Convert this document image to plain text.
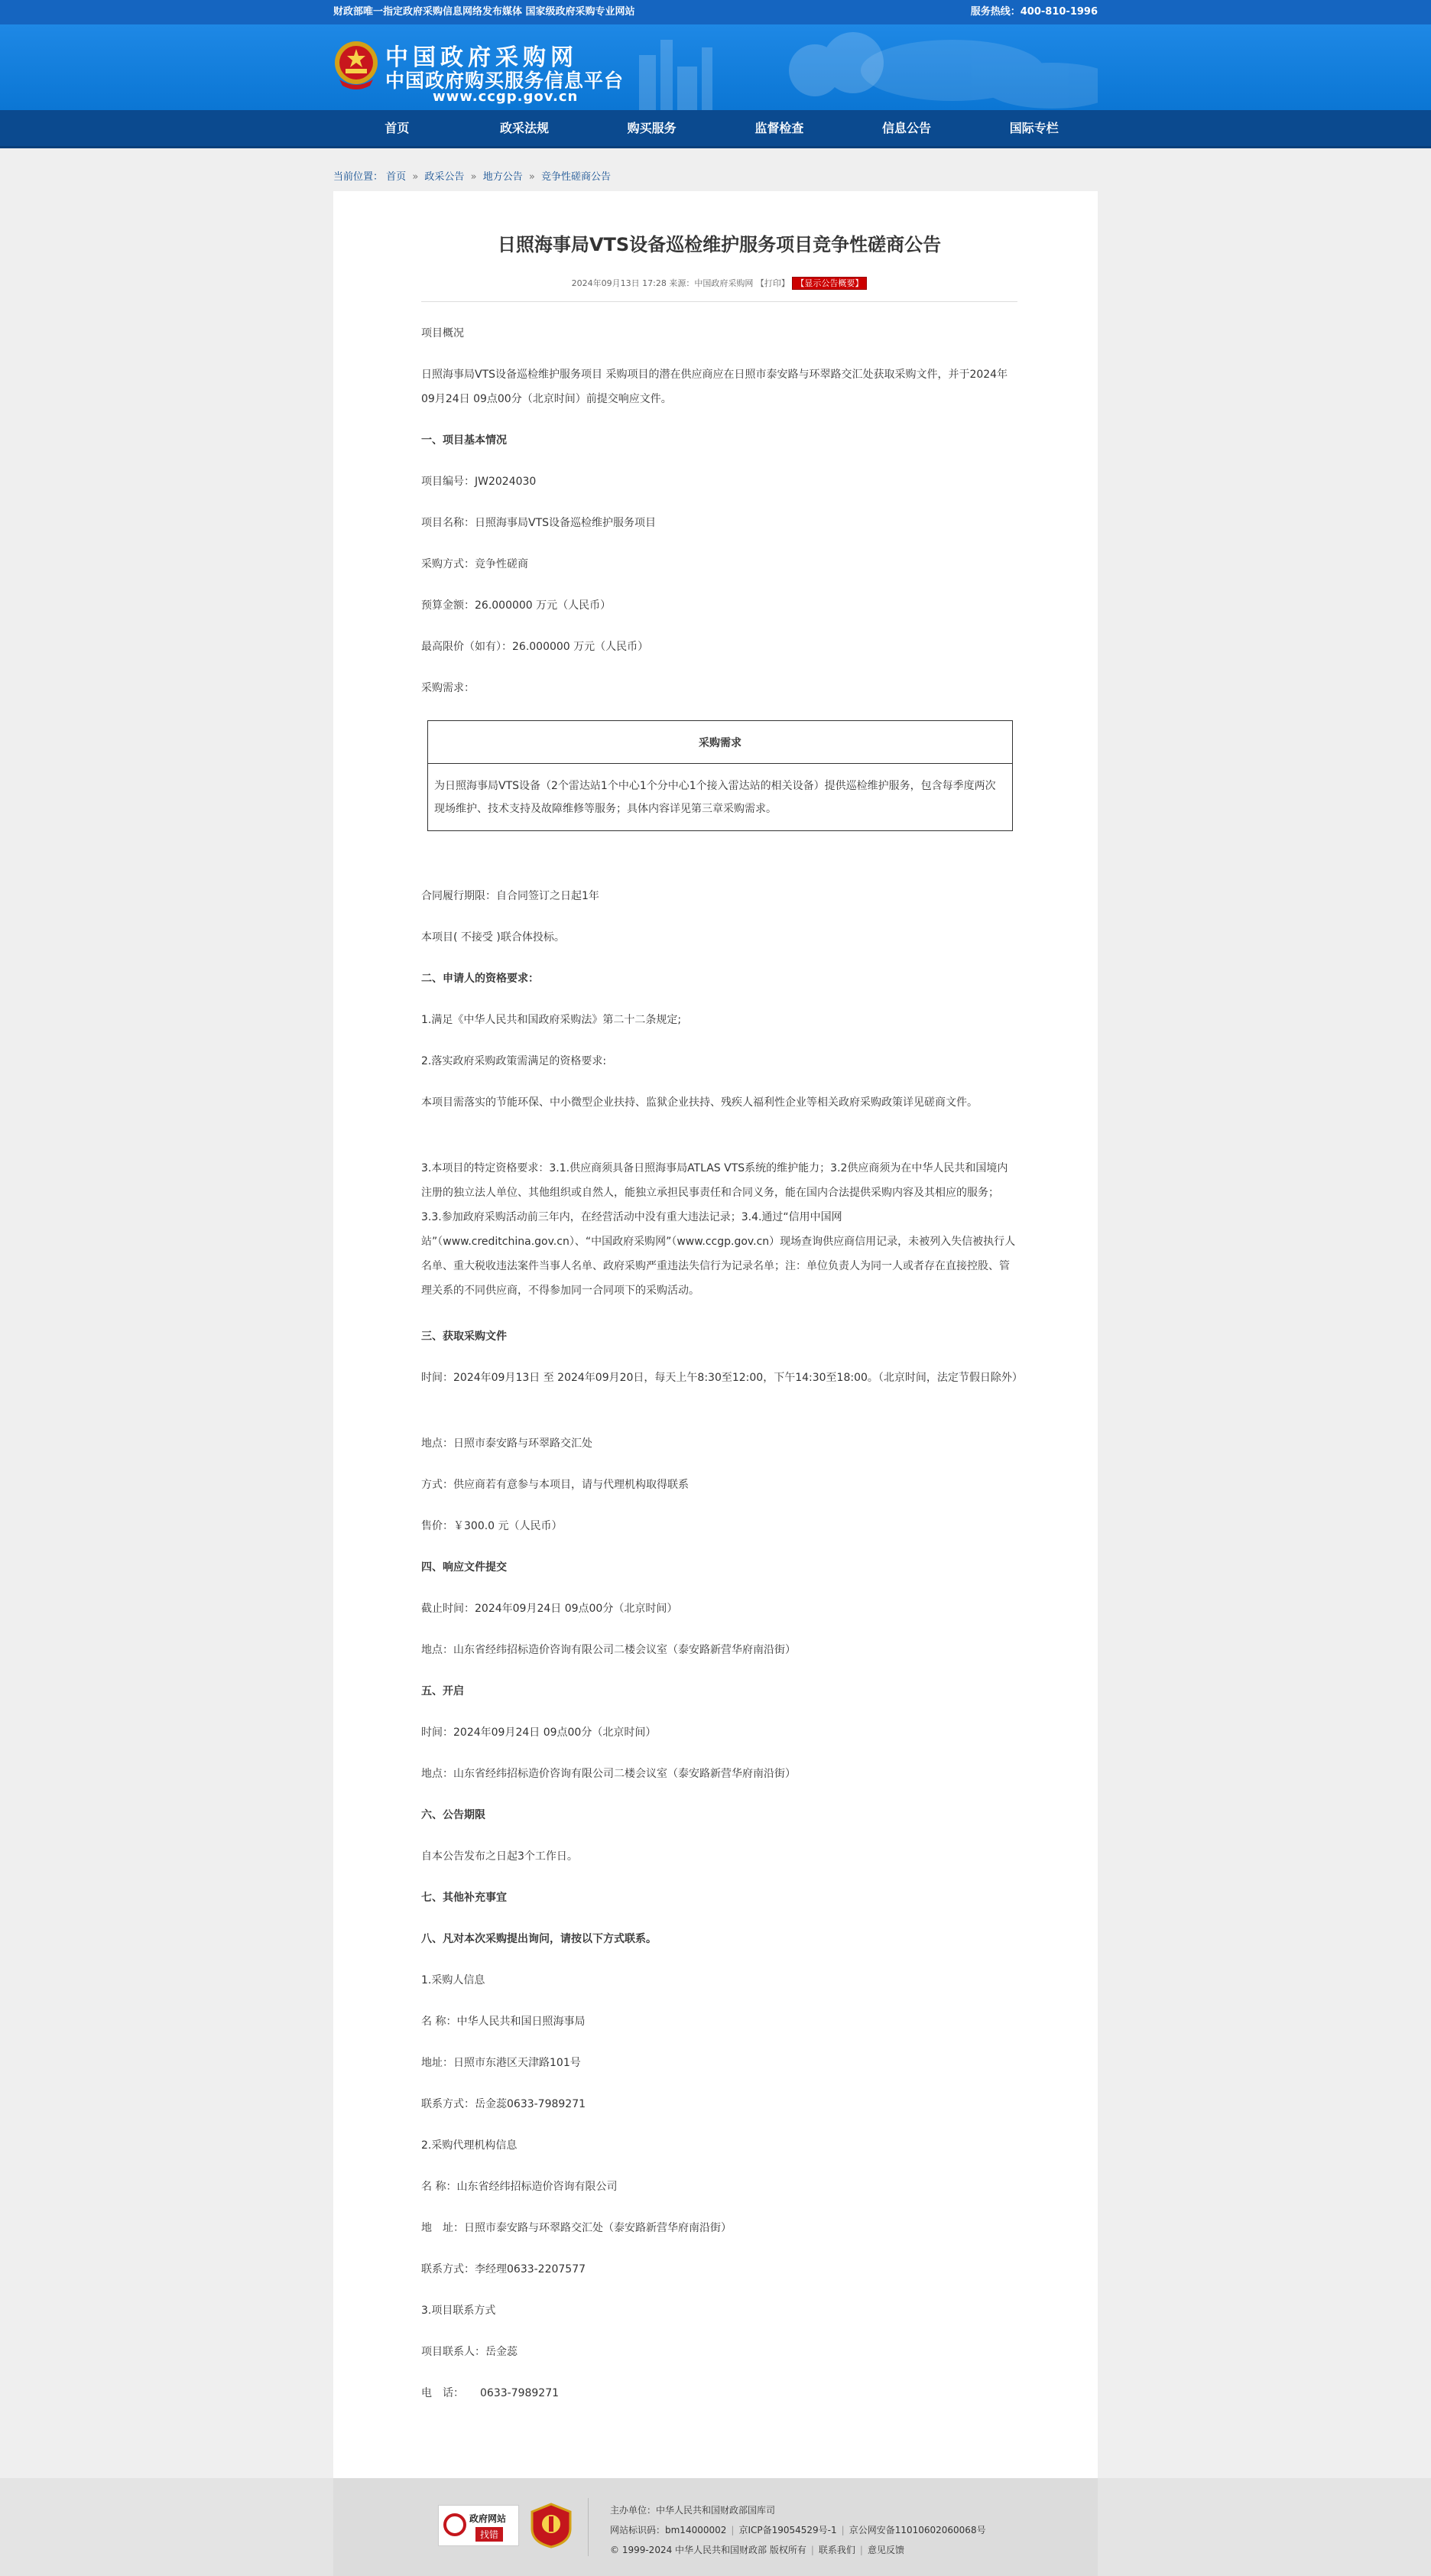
财政部唯一指定政府采购信息网络发布媒体 国家级政府采购专业网站	服务热线：400-810-1996
中国政府采购网
中国政府购买服务信息平台
www.ccgp.gov.cn
首页	政采法规	购买服务	监督检查	信息公告	国际专栏
当前位置： 首页 » 政采公告 » 地方公告 » 竞争性磋商公告
日照海事局VTS设备巡检维护服务项目竞争性磋商公告
2024年09月13日 17:28 来源：中国政府采购网 【打印】 【显示公告概要】
项目概况
日照海事局VTS设备巡检维护服务项目 采购项目的潜在供应商应在日照市泰安路与环翠路交汇处获取采购文件，并于2024年09月24日 09点00分（北京时间）前提交响应文件。
一、项目基本情况
项目编号：JW2024030
项目名称：日照海事局VTS设备巡检维护服务项目
采购方式：竞争性磋商
预算金额：26.000000 万元（人民币）
最高限价（如有）：26.000000 万元（人民币）
采购需求：
采购需求
为日照海事局VTS设备（2个雷达站1个中心1个分中心1个接入雷达站的相关设备）提供巡检维护服务，包含每季度两次现场维护、技术支持及故障维修等服务；具体内容详见第三章采购需求。
合同履行期限：自合同签订之日起1年
本项目( 不接受 )联合体投标。
二、申请人的资格要求：
1.满足《中华人民共和国政府采购法》第二十二条规定;
2.落实政府采购政策需满足的资格要求:
本项目需落实的节能环保、中小微型企业扶持、监狱企业扶持、残疾人福利性企业等相关政府采购政策详见磋商文件。
3.本项目的特定资格要求：3.1.供应商须具备日照海事局ATLAS VTS系统的维护能力；3.2供应商须为在中华人民共和国境内注册的独立法人单位、其他组织或自然人，能独立承担民事责任和合同义务，能在国内合法提供采购内容及其相应的服务；3.3.参加政府采购活动前三年内，在经营活动中没有重大违法记录；3.4.通过“信用中国网站”（www.creditchina.gov.cn）、“中国政府采购网”（www.ccgp.gov.cn）现场查询供应商信用记录，未被列入失信被执行人名单、重大税收违法案件当事人名单、政府采购严重违法失信行为记录名单；注：单位负责人为同一人或者存在直接控股、管理关系的不同供应商，不得参加同一合同项下的采购活动。
三、获取采购文件
时间：2024年09月13日 至 2024年09月20日，每天上午8:30至12:00，下午14:30至18:00。（北京时间，法定节假日除外）
地点：日照市泰安路与环翠路交汇处
方式：供应商若有意参与本项目，请与代理机构取得联系
售价：￥300.0 元（人民币）
四、响应文件提交
截止时间：2024年09月24日 09点00分（北京时间）
地点：山东省经纬招标造价咨询有限公司二楼会议室（泰安路新营华府南沿街）
五、开启
时间：2024年09月24日 09点00分（北京时间）
地点：山东省经纬招标造价咨询有限公司二楼会议室（泰安路新营华府南沿街）
六、公告期限
自本公告发布之日起3个工作日。
七、其他补充事宜
八、凡对本次采购提出询问，请按以下方式联系。
1.采购人信息
名 称：中华人民共和国日照海事局
地址：日照市东港区天津路101号
联系方式：岳金蕊0633-7989271
2.采购代理机构信息
名 称：山东省经纬招标造价咨询有限公司
地　址：日照市泰安路与环翠路交汇处（泰安路新营华府南沿街）
联系方式：李经理0633-2207577
3.项目联系方式
项目联系人：岳金蕊
电　话：　　0633-7989271
政府网站
找错
主办单位：中华人民共和国财政部国库司
网站标识码：bm14000002 | 京ICP备19054529号-1 | 京公网安备11010602060068号
© 1999-2024 中华人民共和国财政部 版权所有 | 联系我们 | 意见反馈
